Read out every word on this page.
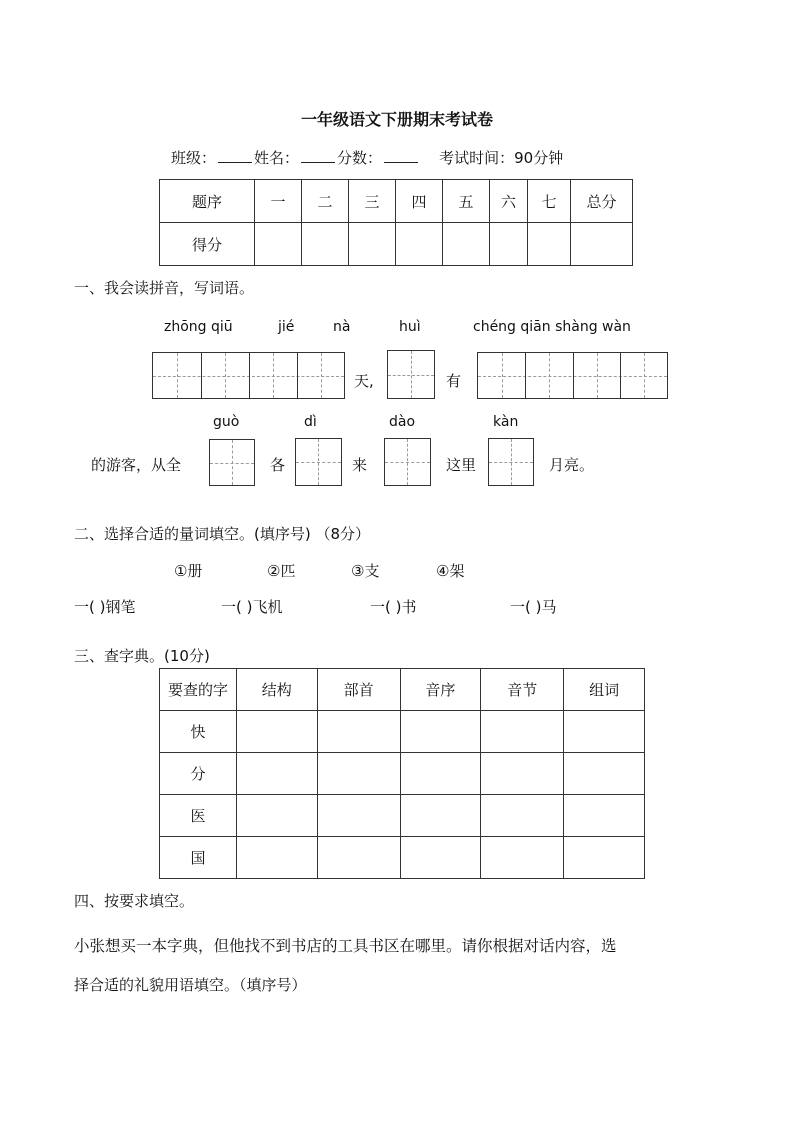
一年级语文下册期末考试卷
班级：	姓名：	分数：	考试时间：90分钟
题序	一	二	三	四	五	六	七	总分
得分								
一、我会读拼音，写词语。
zhōng qiū	jié	nà	huì	chéng qiān shàng wàn
天,	有
guò	dì	dào	kàn
的游客，从全	各	来	这里	月亮。
二、选择合适的量词填空。(填序号) （8分）
①册	②匹	③支	④架
一( )钢笔	一( )飞机	一( )书	一( )马
三、查字典。(10分)
要查的字	结构	部首	音序	音节	组词
快					
分					
医					
国					
四、按要求填空。
小张想买一本字典，但他找不到书店的工具书区在哪里。请你根据对话内容，选
择合适的礼貌用语填空。（填序号）
